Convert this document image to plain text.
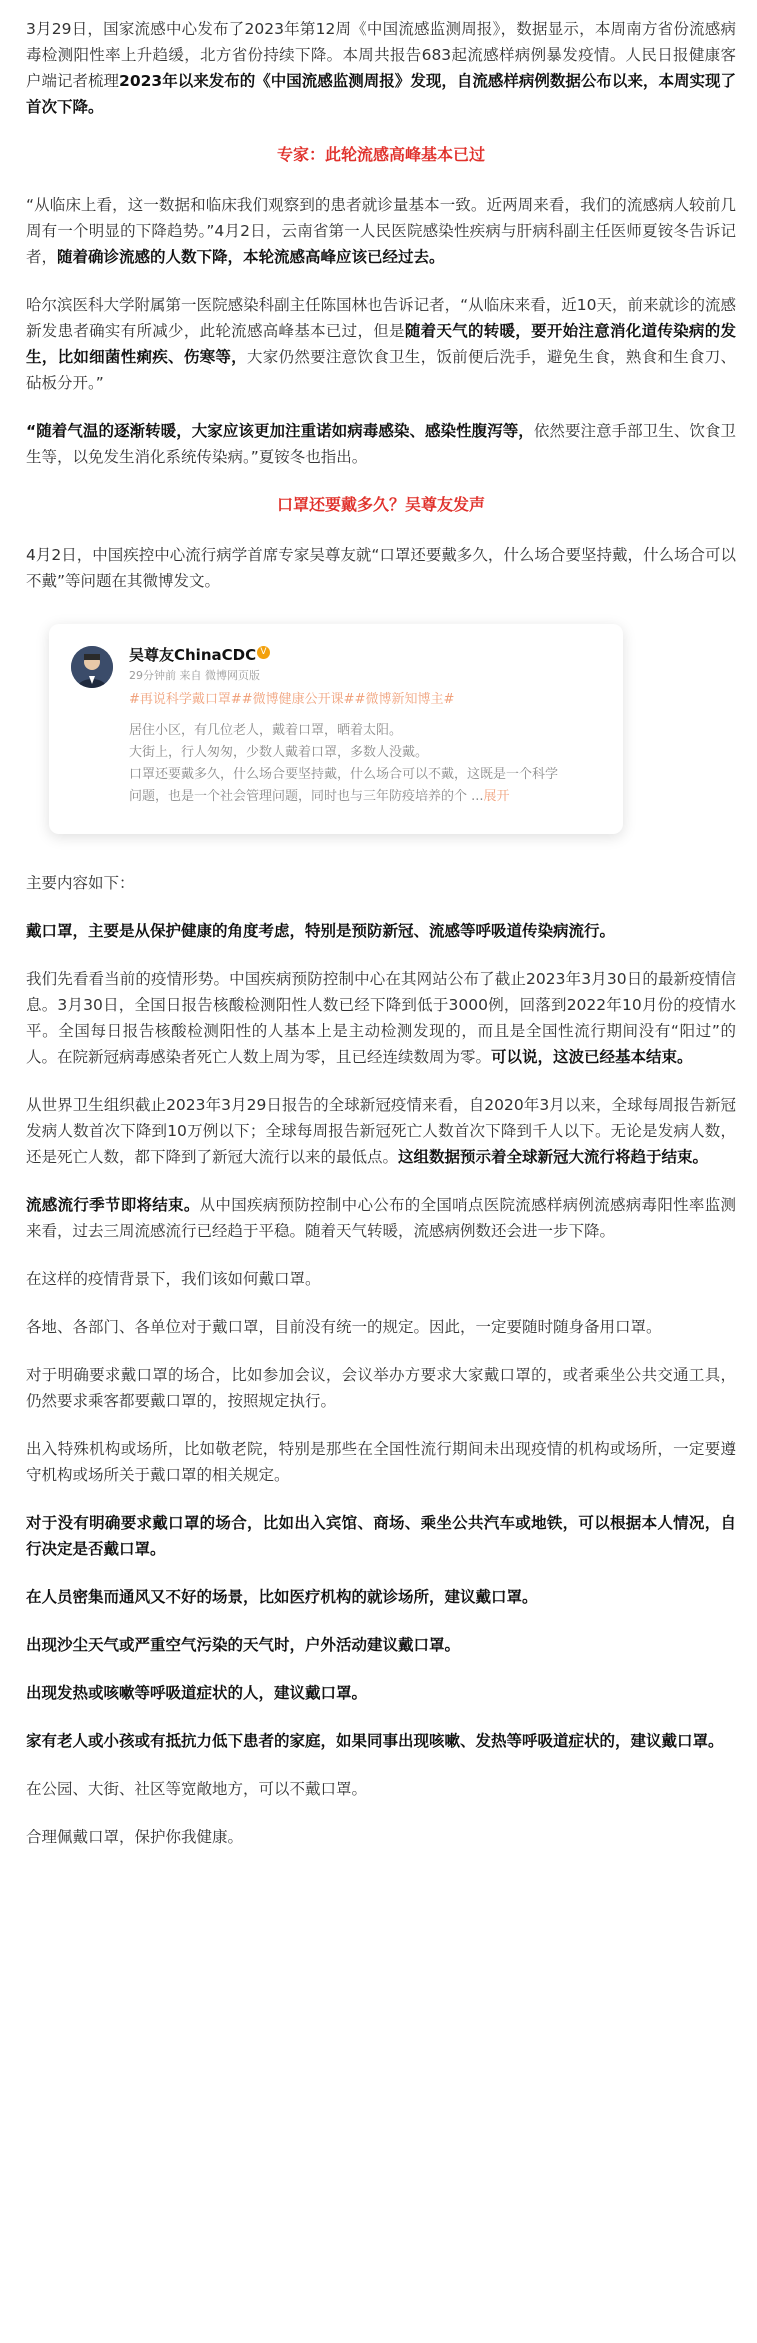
3月29日，国家流感中心发布了2023年第12周《中国流感监测周报》，数据显示，本周南方省份流感病毒检测阳性率上升趋缓，北方省份持续下降。本周共报告683起流感样病例暴发疫情。人民日报健康客户端记者梳理2023年以来发布的《中国流感监测周报》发现，自流感样病例数据公布以来，本周实现了首次下降。

专家：此轮流感高峰基本已过

“从临床上看，这一数据和临床我们观察到的患者就诊量基本一致。近两周来看，我们的流感病人较前几周有一个明显的下降趋势。”4月2日，云南省第一人民医院感染性疾病与肝病科副主任医师夏铵冬告诉记者，随着确诊流感的人数下降，本轮流感高峰应该已经过去。

哈尔滨医科大学附属第一医院感染科副主任陈国林也告诉记者，“从临床来看，近10天，前来就诊的流感新发患者确实有所减少，此轮流感高峰基本已过，但是随着天气的转暖，要开始注意消化道传染病的发生，比如细菌性痢疾、伤寒等，大家仍然要注意饮食卫生，饭前便后洗手，避免生食，熟食和生食刀、砧板分开。”

“随着气温的逐渐转暖，大家应该更加注重诺如病毒感染、感染性腹泻等，依然要注意手部卫生、饮食卫生等，以免发生消化系统传染病。”夏铵冬也指出。

口罩还要戴多久？吴尊友发声

4月2日，中国疾控中心流行病学首席专家吴尊友就“口罩还要戴多久，什么场合要坚持戴，什么场合可以不戴”等问题在其微博发文。

吴尊友ChinaCDC V
29分钟前 来自 微博网页版
#再说科学戴口罩##微博健康公开课##微博新知博主#
居住小区，有几位老人，戴着口罩，晒着太阳。
大街上，行人匆匆，少数人戴着口罩，多数人没戴。
口罩还要戴多久，什么场合要坚持戴，什么场合可以不戴，这既是一个科学
问题，也是一个社会管理问题，同时也与三年防疫培养的个 ...展开

主要内容如下：

戴口罩，主要是从保护健康的角度考虑，特别是预防新冠、流感等呼吸道传染病流行。

我们先看看当前的疫情形势。中国疾病预防控制中心在其网站公布了截止2023年3月30日的最新疫情信息。3月30日，全国日报告核酸检测阳性人数已经下降到低于3000例，回落到2022年10月份的疫情水平。全国每日报告核酸检测阳性的人基本上是主动检测发现的，而且是全国性流行期间没有“阳过”的人。在院新冠病毒感染者死亡人数上周为零，且已经连续数周为零。可以说，这波已经基本结束。

从世界卫生组织截止2023年3月29日报告的全球新冠疫情来看，自2020年3月以来，全球每周报告新冠发病人数首次下降到10万例以下；全球每周报告新冠死亡人数首次下降到千人以下。无论是发病人数，还是死亡人数，都下降到了新冠大流行以来的最低点。这组数据预示着全球新冠大流行将趋于结束。

流感流行季节即将结束。从中国疾病预防控制中心公布的全国哨点医院流感样病例流感病毒阳性率监测来看，过去三周流感流行已经趋于平稳。随着天气转暖，流感病例数还会进一步下降。

在这样的疫情背景下，我们该如何戴口罩。

各地、各部门、各单位对于戴口罩，目前没有统一的规定。因此，一定要随时随身备用口罩。

对于明确要求戴口罩的场合，比如参加会议，会议举办方要求大家戴口罩的，或者乘坐公共交通工具，仍然要求乘客都要戴口罩的，按照规定执行。

出入特殊机构或场所，比如敬老院，特别是那些在全国性流行期间未出现疫情的机构或场所，一定要遵守机构或场所关于戴口罩的相关规定。

对于没有明确要求戴口罩的场合，比如出入宾馆、商场、乘坐公共汽车或地铁，可以根据本人情况，自行决定是否戴口罩。

在人员密集而通风又不好的场景，比如医疗机构的就诊场所，建议戴口罩。

出现沙尘天气或严重空气污染的天气时，户外活动建议戴口罩。

出现发热或咳嗽等呼吸道症状的人，建议戴口罩。

家有老人或小孩或有抵抗力低下患者的家庭，如果同事出现咳嗽、发热等呼吸道症状的，建议戴口罩。

在公园、大街、社区等宽敞地方，可以不戴口罩。

合理佩戴口罩，保护你我健康。
